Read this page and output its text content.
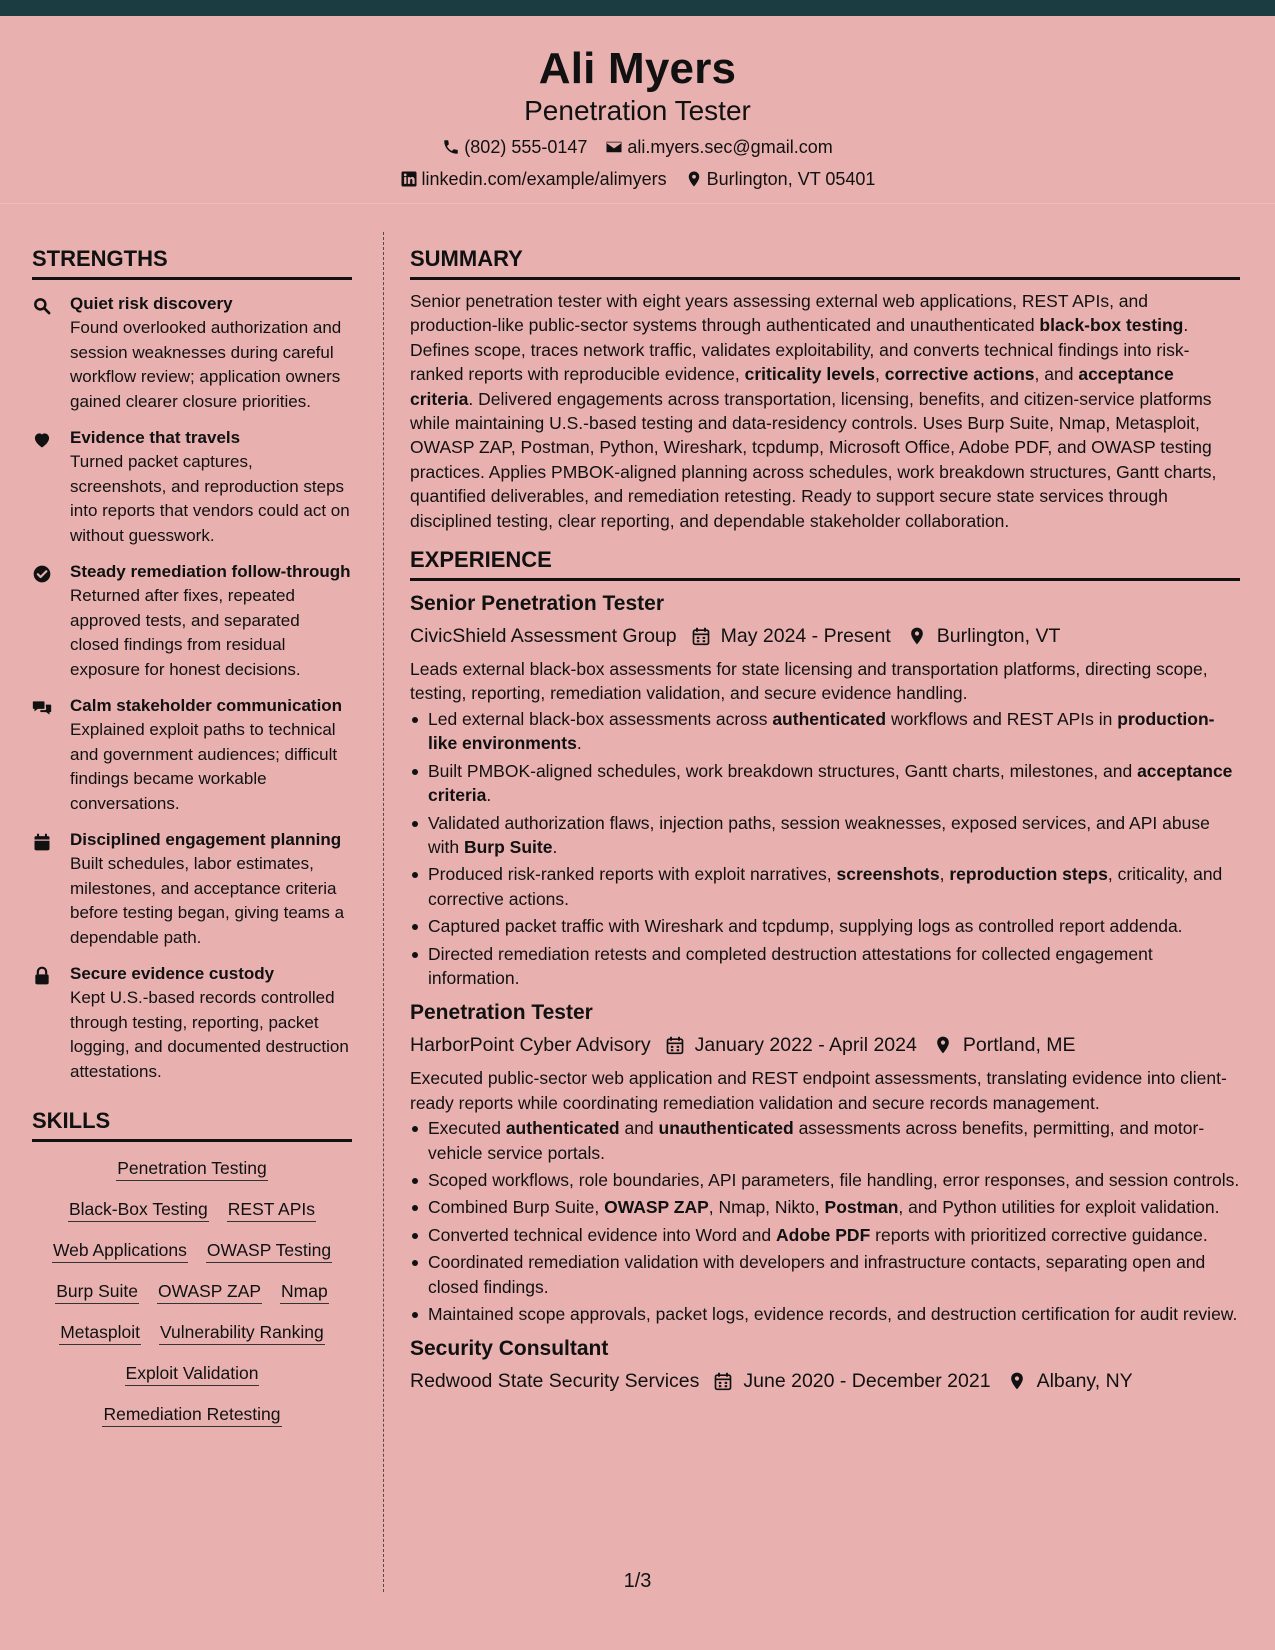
Ali Myers
Penetration Tester
(802) 555-0147 ali.myers.sec@gmail.com
linkedin.com/example/alimyers Burlington, VT 05401
STRENGTHS
Quiet risk discovery
Found overlooked authorization and session weaknesses during careful workflow review; application owners gained clearer closure priorities.
Evidence that travels
Turned packet captures, screenshots, and reproduction steps into reports that vendors could act on without guesswork.
Steady remediation follow-through
Returned after fixes, repeated approved tests, and separated closed findings from residual exposure for honest decisions.
Calm stakeholder communication
Explained exploit paths to technical and government audiences; difficult findings became workable conversations.
Disciplined engagement planning
Built schedules, labor estimates, milestones, and acceptance criteria before testing began, giving teams a dependable path.
Secure evidence custody
Kept U.S.-based records controlled through testing, reporting, packet logging, and documented destruction attestations.
SKILLS
Penetration Testing
Black-Box Testing REST APIs
Web Applications OWASP Testing
Burp Suite OWASP ZAP Nmap
Metasploit Vulnerability Ranking
Exploit Validation
Remediation Retesting
SUMMARY

Senior penetration tester with eight years assessing external web applications, REST APIs, and production-like public-sector systems through authenticated and unauthenticated black-box testing. Defines scope, traces network traffic, validates exploitability, and converts technical findings into risk-ranked reports with reproducible evidence, criticality levels, corrective actions, and acceptance criteria. Delivered engagements across transportation, licensing, benefits, and citizen-service platforms while maintaining U.S.-based testing and data-residency controls. Uses Burp Suite, Nmap, Metasploit, OWASP ZAP, Postman, Python, Wireshark, tcpdump, Microsoft Office, Adobe PDF, and OWASP testing practices. Applies PMBOK-aligned planning across schedules, work breakdown structures, Gantt charts, quantified deliverables, and remediation retesting. Ready to support secure state services through disciplined testing, clear reporting, and dependable stakeholder collaboration.

EXPERIENCE
Senior Penetration Tester
CivicShield Assessment Group May 2024 - Present Burlington, VT

Leads external black-box assessments for state licensing and transportation platforms, directing scope, testing, reporting, remediation validation, and secure evidence handling.

Led external black-box assessments across authenticated workflows and REST APIs in production-like environments.
Built PMBOK-aligned schedules, work breakdown structures, Gantt charts, milestones, and acceptance criteria.
Validated authorization flaws, injection paths, session weaknesses, exposed services, and API abuse with Burp Suite.
Produced risk-ranked reports with exploit narratives, screenshots, reproduction steps, criticality, and corrective actions.
Captured packet traffic with Wireshark and tcpdump, supplying logs as controlled report addenda.
Directed remediation retests and completed destruction attestations for collected engagement information.
Penetration Tester
HarborPoint Cyber Advisory January 2022 - April 2024 Portland, ME

Executed public-sector web application and REST endpoint assessments, translating evidence into client-ready reports while coordinating remediation validation and secure records management.

Executed authenticated and unauthenticated assessments across benefits, permitting, and motor-vehicle service portals.
Scoped workflows, role boundaries, API parameters, file handling, error responses, and session controls.
Combined Burp Suite, OWASP ZAP, Nmap, Nikto, Postman, and Python utilities for exploit validation.
Converted technical evidence into Word and Adobe PDF reports with prioritized corrective guidance.
Coordinated remediation validation with developers and infrastructure contacts, separating open and closed findings.
Maintained scope approvals, packet logs, evidence records, and destruction certification for audit review.
Security Consultant
Redwood State Security Services June 2020 - December 2021 Albany, NY
1/3
